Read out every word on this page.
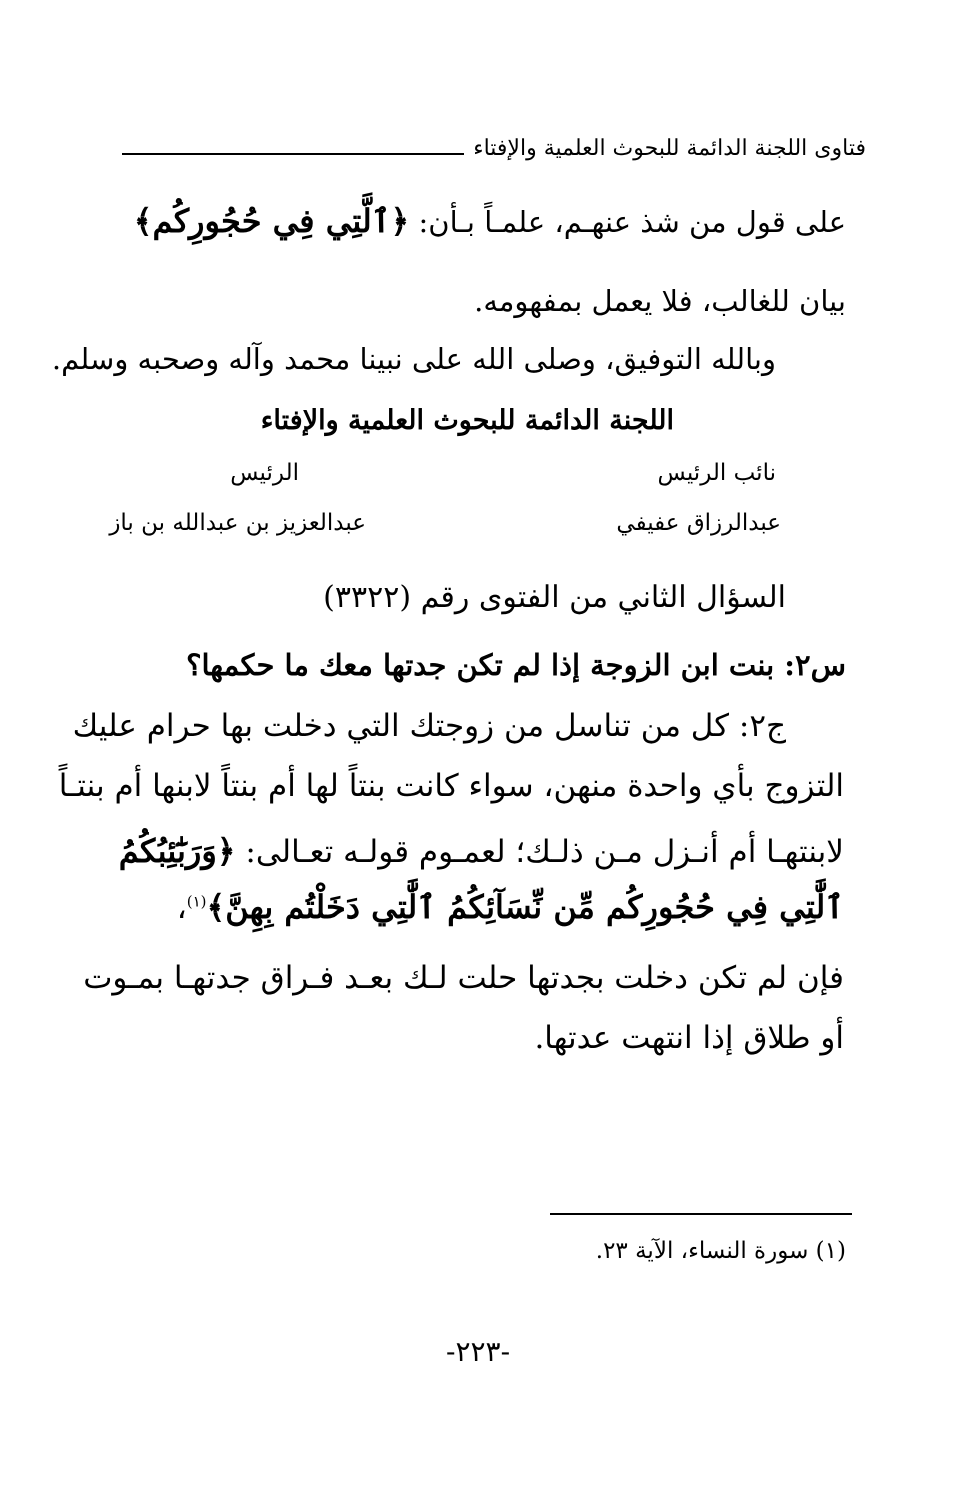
فتاوى اللجنة الدائمة للبحوث العلمية والإفتاء
على قول من شذ عنهـم، علمـاً بـأن: ﴿ٱلَّتِي فِي حُجُورِكُم﴾
بيان للغالب، فلا يعمل بمفهومه.
وبالله التوفيق، وصلى الله على نبينا محمد وآله وصحبه وسلم.
اللجنة الدائمة للبحوث العلمية والإفتاء
نائب الرئيس
الرئيس
عبدالرزاق عفيفي
عبدالعزيز بن عبدالله بن باز
السؤال الثاني من الفتوى رقم (٣٣٢٢)
س٢: بنت ابن الزوجة إذا لم تكن جدتها معك ما حكمها؟
ج٢: كل من تناسل من زوجتك التي دخلت بها حرام عليك
التزوج بأي واحدة منهن، سواء كانت بنتاً لها أم بنتاً لابنها أم بنتـاً
لابنتهـا أم أنـزل مـن ذلـك؛ لعمـوم قولـه تعـالى: ﴿وَرَبَٰٓئِبُكُمُ
ٱلَّٰتِي فِي حُجُورِكُم مِّن نِّسَآئِكُمُ ٱلَّٰتِي دَخَلْتُم بِهِنَّ﴾$^{(١)}$،
فإن لم تكن دخلت بجدتها حلت لـك بعـد فـراق جدتهـا بمـوت
أو طلاق إذا انتهت عدتها.
(١) سورة النساء، الآية ٢٣.
-٢٢٣-
